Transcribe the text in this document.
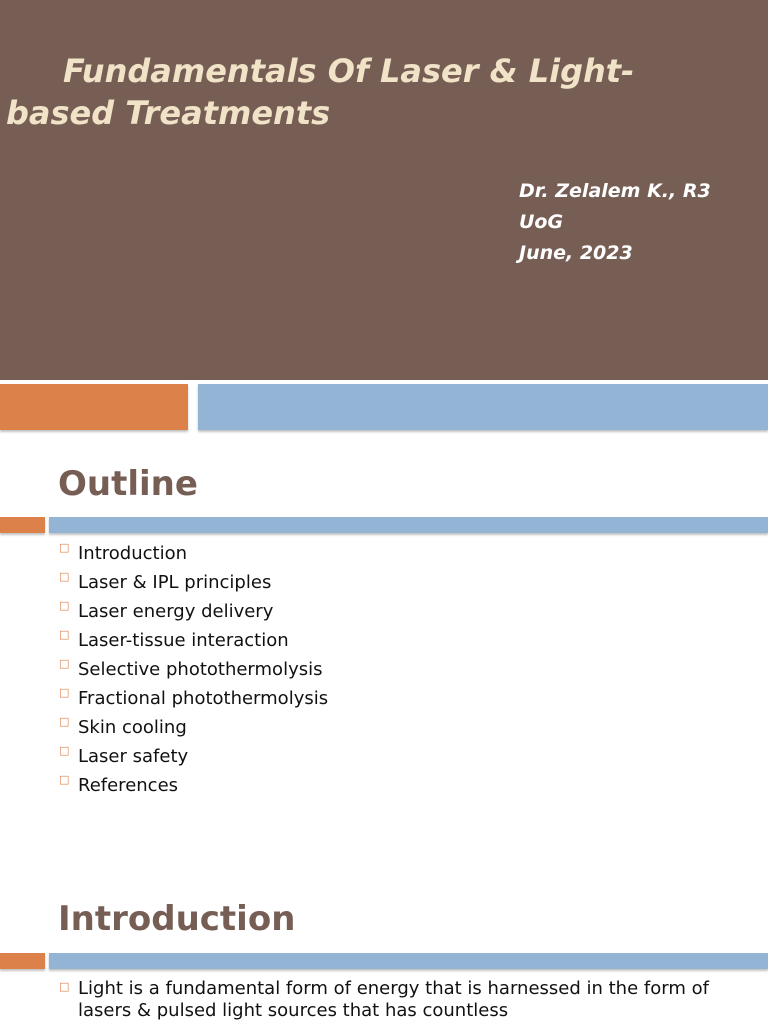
Fundamentals Of Laser & Light-
based Treatments
Dr. Zelalem K., R3
UoG
June, 2023
Outline
□ Introduction
□ Laser & IPL principles
□ Laser energy delivery
□ Laser-tissue interaction
□ Selective photothermolysis
□ Fractional photothermolysis
□ Skin cooling
□ Laser safety
□ References
Introduction
□ Light is a fundamental form of energy that is harnessed in the form of lasers & pulsed light sources that has countless
